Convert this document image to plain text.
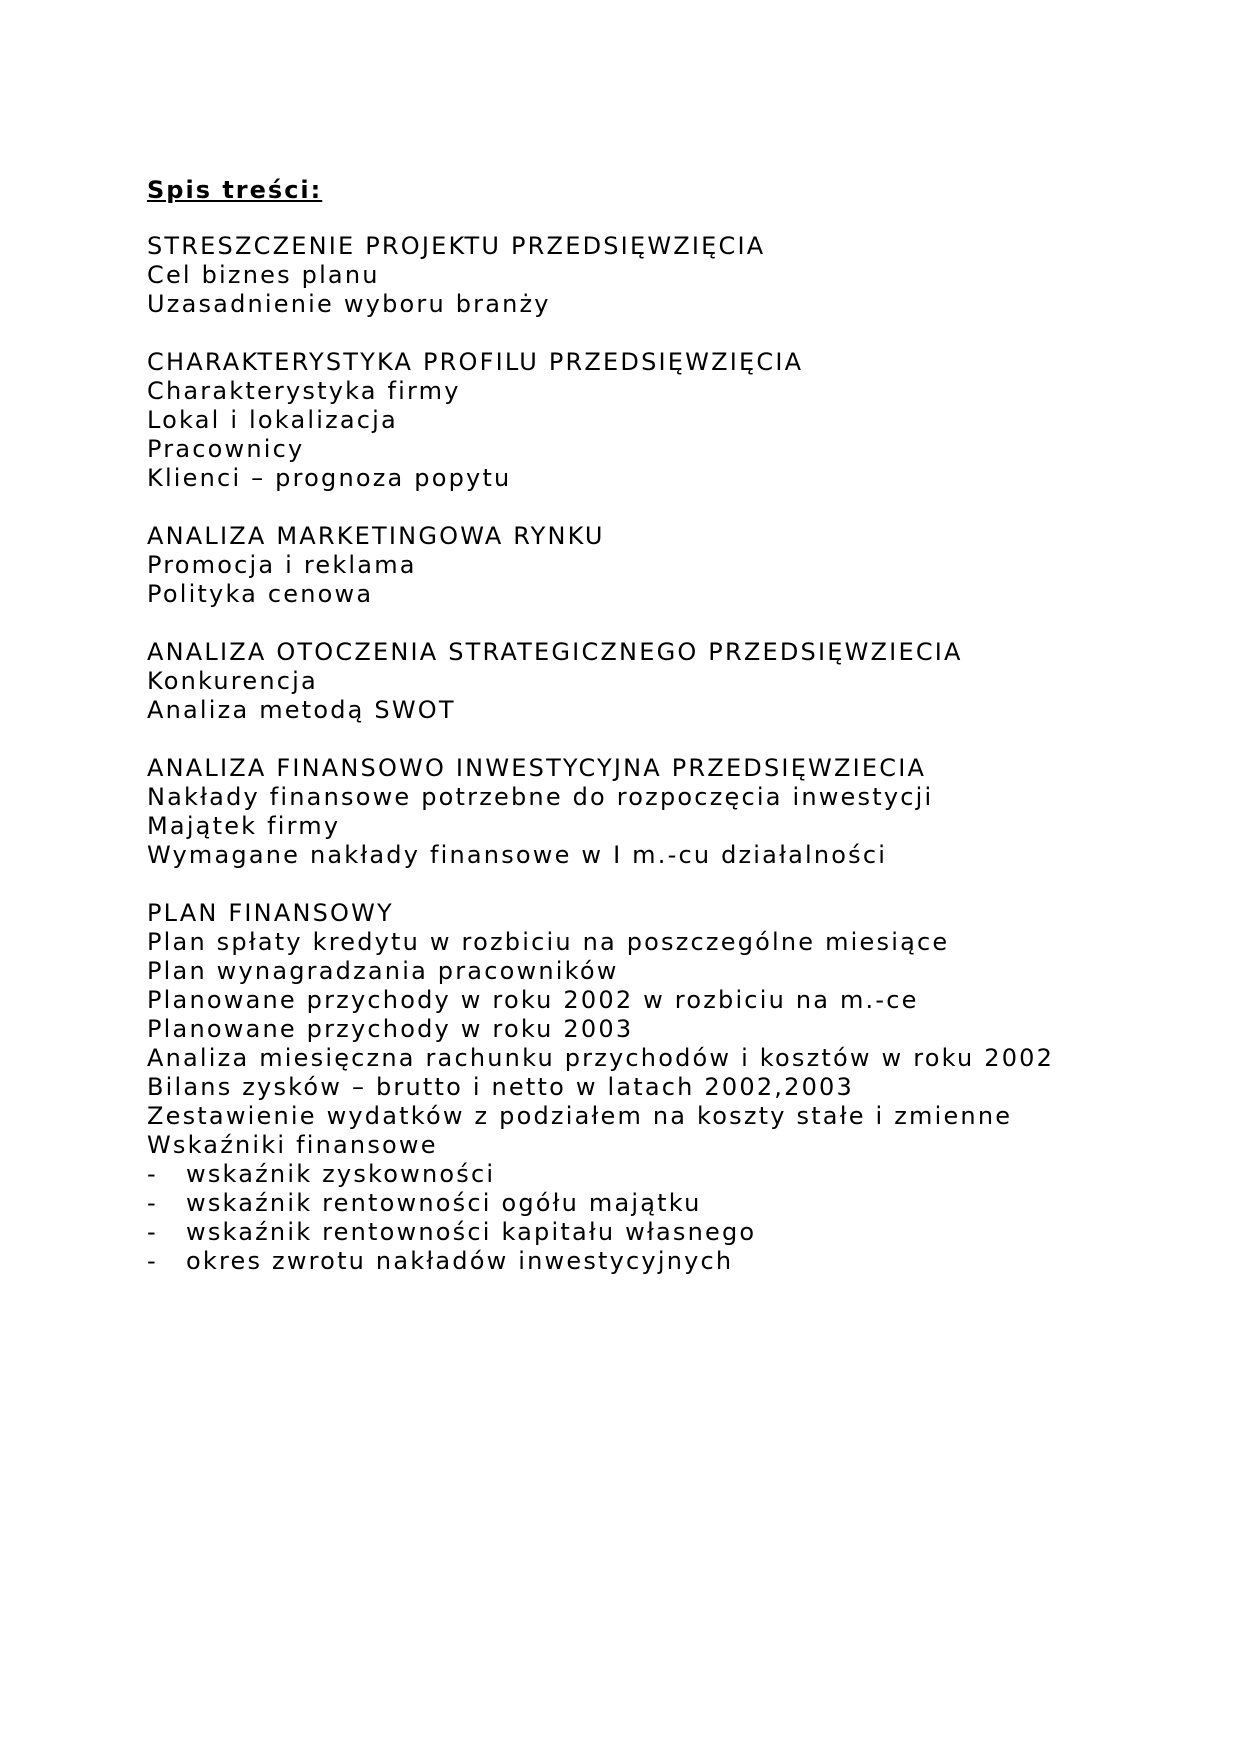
Spis treści:
STRESZCZENIE PROJEKTU PRZEDSIĘWZIĘCIA
Cel biznes planu
Uzasadnienie wyboru branży
CHARAKTERYSTYKA PROFILU PRZEDSIĘWZIĘCIA
Charakterystyka firmy
Lokal i lokalizacja
Pracownicy
Klienci – prognoza popytu
ANALIZA MARKETINGOWA RYNKU
Promocja i reklama
Polityka cenowa
ANALIZA OTOCZENIA STRATEGICZNEGO PRZEDSIĘWZIECIA
Konkurencja
Analiza metodą SWOT
ANALIZA FINANSOWO INWESTYCYJNA PRZEDSIĘWZIECIA
Nakłady finansowe potrzebne do rozpoczęcia inwestycji
Majątek firmy
Wymagane nakłady finansowe w I m.-cu działalności
PLAN FINANSOWY
Plan spłaty kredytu w rozbiciu na poszczególne miesiące
Plan wynagradzania pracowników
Planowane przychody w roku 2002 w rozbiciu na m.-ce
Planowane przychody w roku 2003
Analiza miesięczna rachunku przychodów i kosztów w roku 2002
Bilans zysków – brutto i netto w latach 2002,2003
Zestawienie wydatków z podziałem na koszty stałe i zmienne
Wskaźniki finansowe
- wskaźnik zyskowności
- wskaźnik rentowności ogółu majątku
- wskaźnik rentowności kapitału własnego
- okres zwrotu nakładów inwestycyjnych
